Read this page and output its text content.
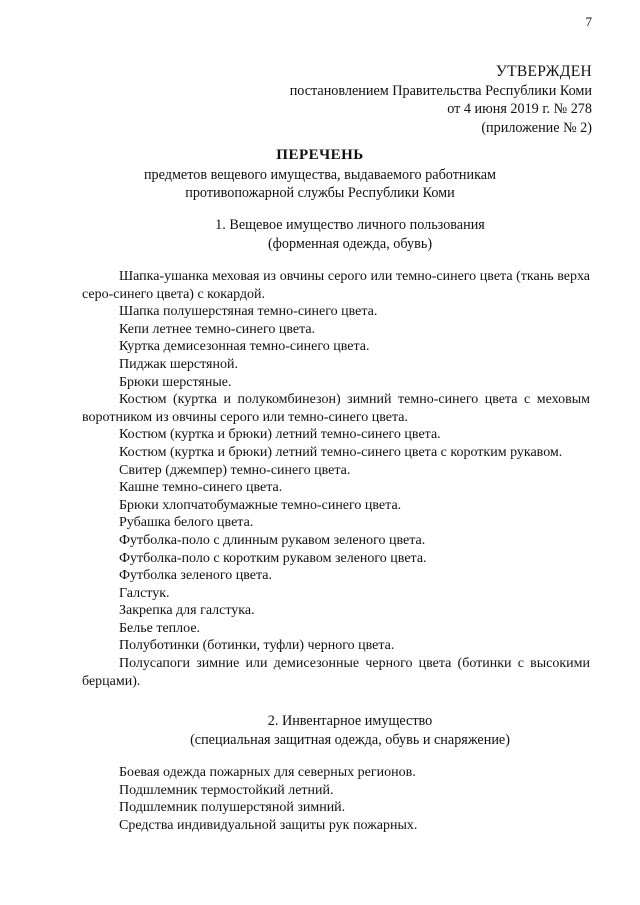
7
УТВЕРЖДЕН
постановлением Правительства Республики Коми
от 4 июня 2019 г. № 278
(приложение № 2)
ПЕРЕЧЕНЬ
предметов вещевого имущества, выдаваемого работникам
противопожарной службы Республики Коми
1. Вещевое имущество личного пользования
(форменная одежда, обувь)

Шапка-ушанка меховая из овчины серого или темно-синего цвета (ткань верха серо-синего цвета) с кокардой.

Шапка полушерстяная темно-синего цвета.

Кепи летнее темно-синего цвета.

Куртка демисезонная темно-синего цвета.

Пиджак шерстяной.

Брюки шерстяные.

Костюм (куртка и полукомбинезон) зимний темно-синего цвета с меховым воротником из овчины серого или темно-синего цвета.

Костюм (куртка и брюки) летний темно-синего цвета.

Костюм (куртка и брюки) летний темно-синего цвета с коротким рукавом.

Свитер (джемпер) темно-синего цвета.

Кашне темно-синего цвета.

Брюки хлопчатобумажные темно-синего цвета.

Рубашка белого цвета.

Футболка-поло с длинным рукавом зеленого цвета.

Футболка-поло с коротким рукавом зеленого цвета.

Футболка зеленого цвета.

Галстук.

Закрепка для галстука.

Белье теплое.

Полуботинки (ботинки, туфли) черного цвета.

Полусапоги зимние или демисезонные черного цвета (ботинки с высокими берцами).

2. Инвентарное имущество
(специальная защитная одежда, обувь и снаряжение)

Боевая одежда пожарных для северных регионов.

Подшлемник термостойкий летний.

Подшлемник полушерстяной зимний.

Средства индивидуальной защиты рук пожарных.
